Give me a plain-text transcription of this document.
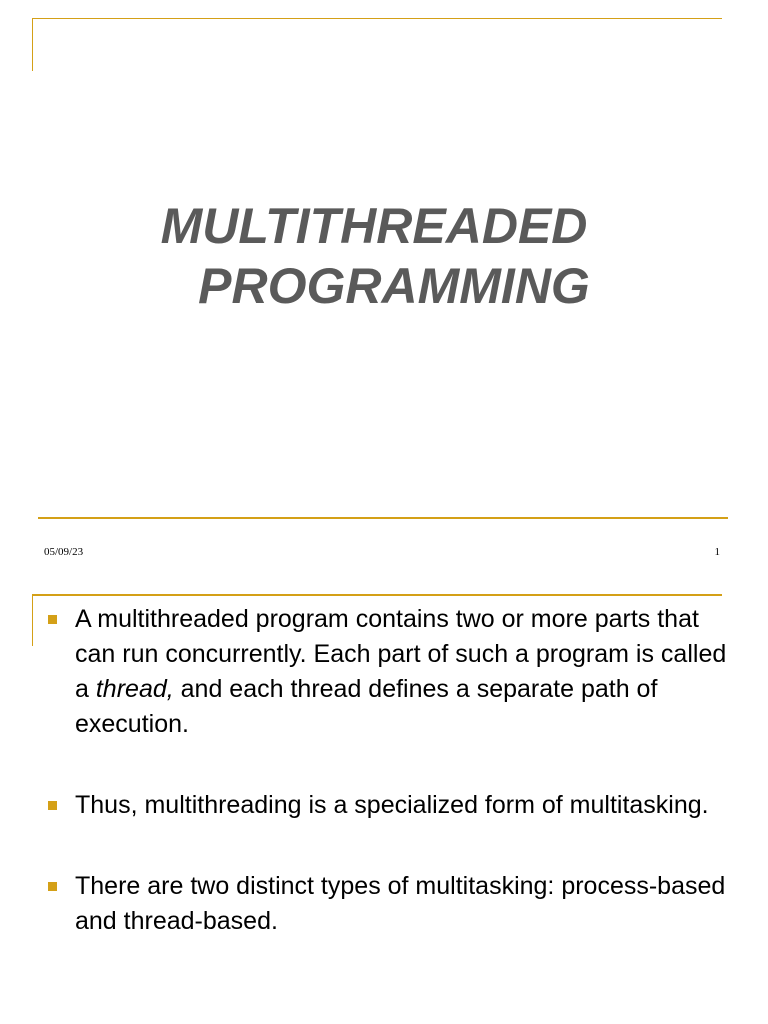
MULTITHREADED
PROGRAMMING
05/09/23	1
A multithreaded program contains two or more parts that can run concurrently. Each part of such a program is called a thread, and each thread defines a separate path of execution.
Thus, multithreading is a specialized form of multitasking.
There are two distinct types of multitasking: process-based and thread-based.
